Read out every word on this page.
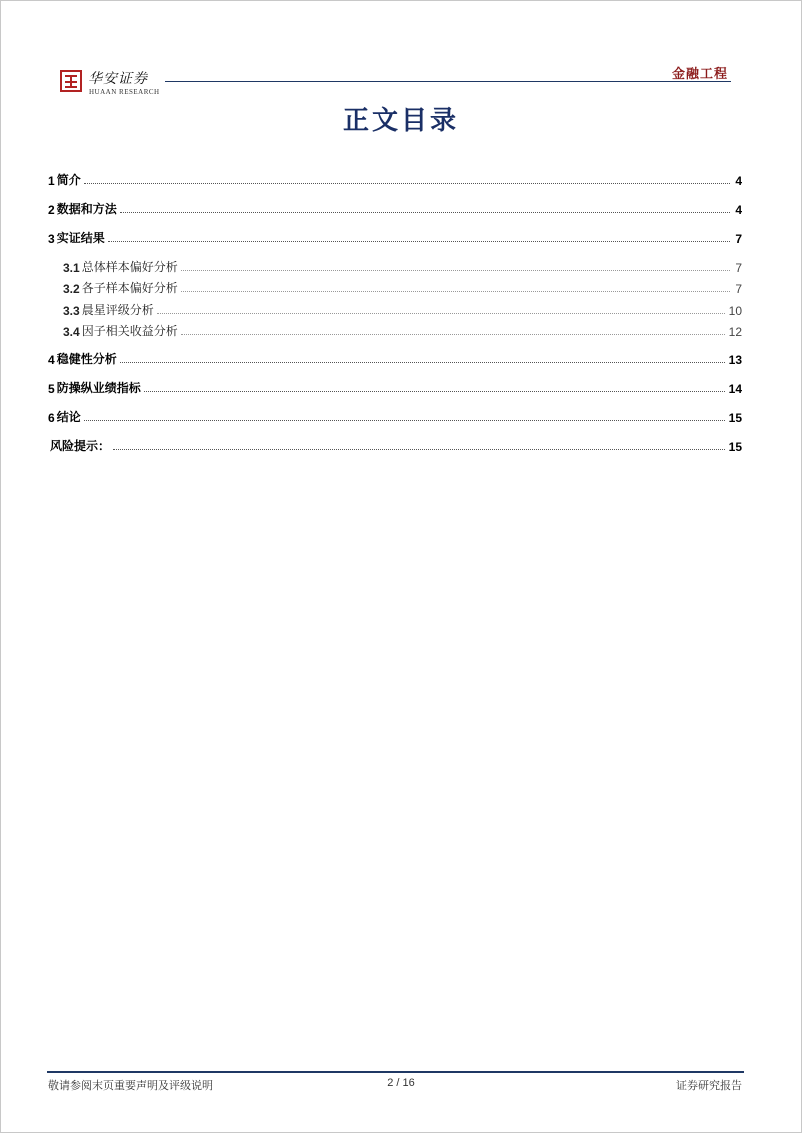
华安证券
HUAAN RESEARCH
金融工程
正文目录
1 简介	4
2 数据和方法	4
3 实证结果	7
3.1 总体样本偏好分析	7
3.2 各子样本偏好分析	7
3.3 晨星评级分析	10
3.4 因子相关收益分析	12
4 稳健性分析	13
5 防操纵业绩指标	14
6 结论	15
风险提示：	15
敬请参阅末页重要声明及评级说明	2 / 16	证券研究报告
